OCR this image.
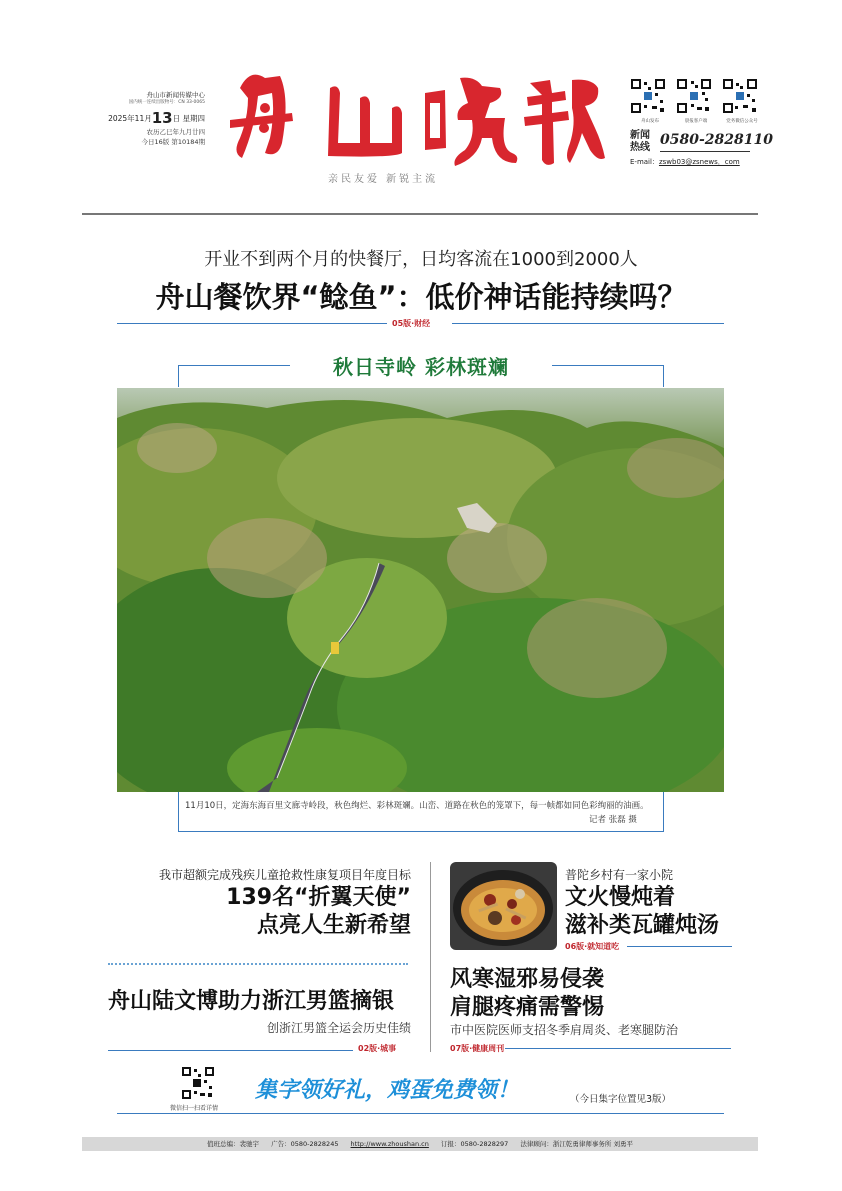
舟山市新闻传媒中心
国内统一连续出版物号：CN 33-0065
2025年11月13日 星期四
农历乙巳年九月廿四
今日16版 第10184期
亲民友爱 新锐主流
舟山发布	晨报客户端	党务微信公众号
新闻
热线 0580-2828110
E-mail：zswb03@zsnews．com
开业不到两个月的快餐厅，日均客流在1000到2000人
舟山餐饮界“鲶鱼”：低价神话能持续吗？
05版·财经
秋日寺岭 彩林斑斓
11月10日，定海东海百里文廊寺岭段，秋色绚烂、彩林斑斓。山峦、道路在秋色的笼罩下，每一帧都如同色彩绚丽的油画。
记者 张磊 摄
我市超额完成残疾儿童抢救性康复项目年度目标
139名“折翼天使”
点亮人生新希望
舟山陆文博助力浙江男篮摘银
创浙江男篮全运会历史佳绩
02版·城事
普陀乡村有一家小院
文火慢炖着
滋补类瓦罐炖汤
06版·就知道吃
风寒湿邪易侵袭
肩腿疼痛需警惕
市中医院医师支招冬季肩周炎、老寒腿防治
07版·健康周刊
微信扫一扫看详情
集字领好礼，鸡蛋免费领！	（今日集字位置见3版）
值班总编：裴驰宇 广告：0580-2828245 http://www.zhoushan.cn 订报：0580-2828297 法律顾问：浙江乾勇律师事务所 刘勇平
